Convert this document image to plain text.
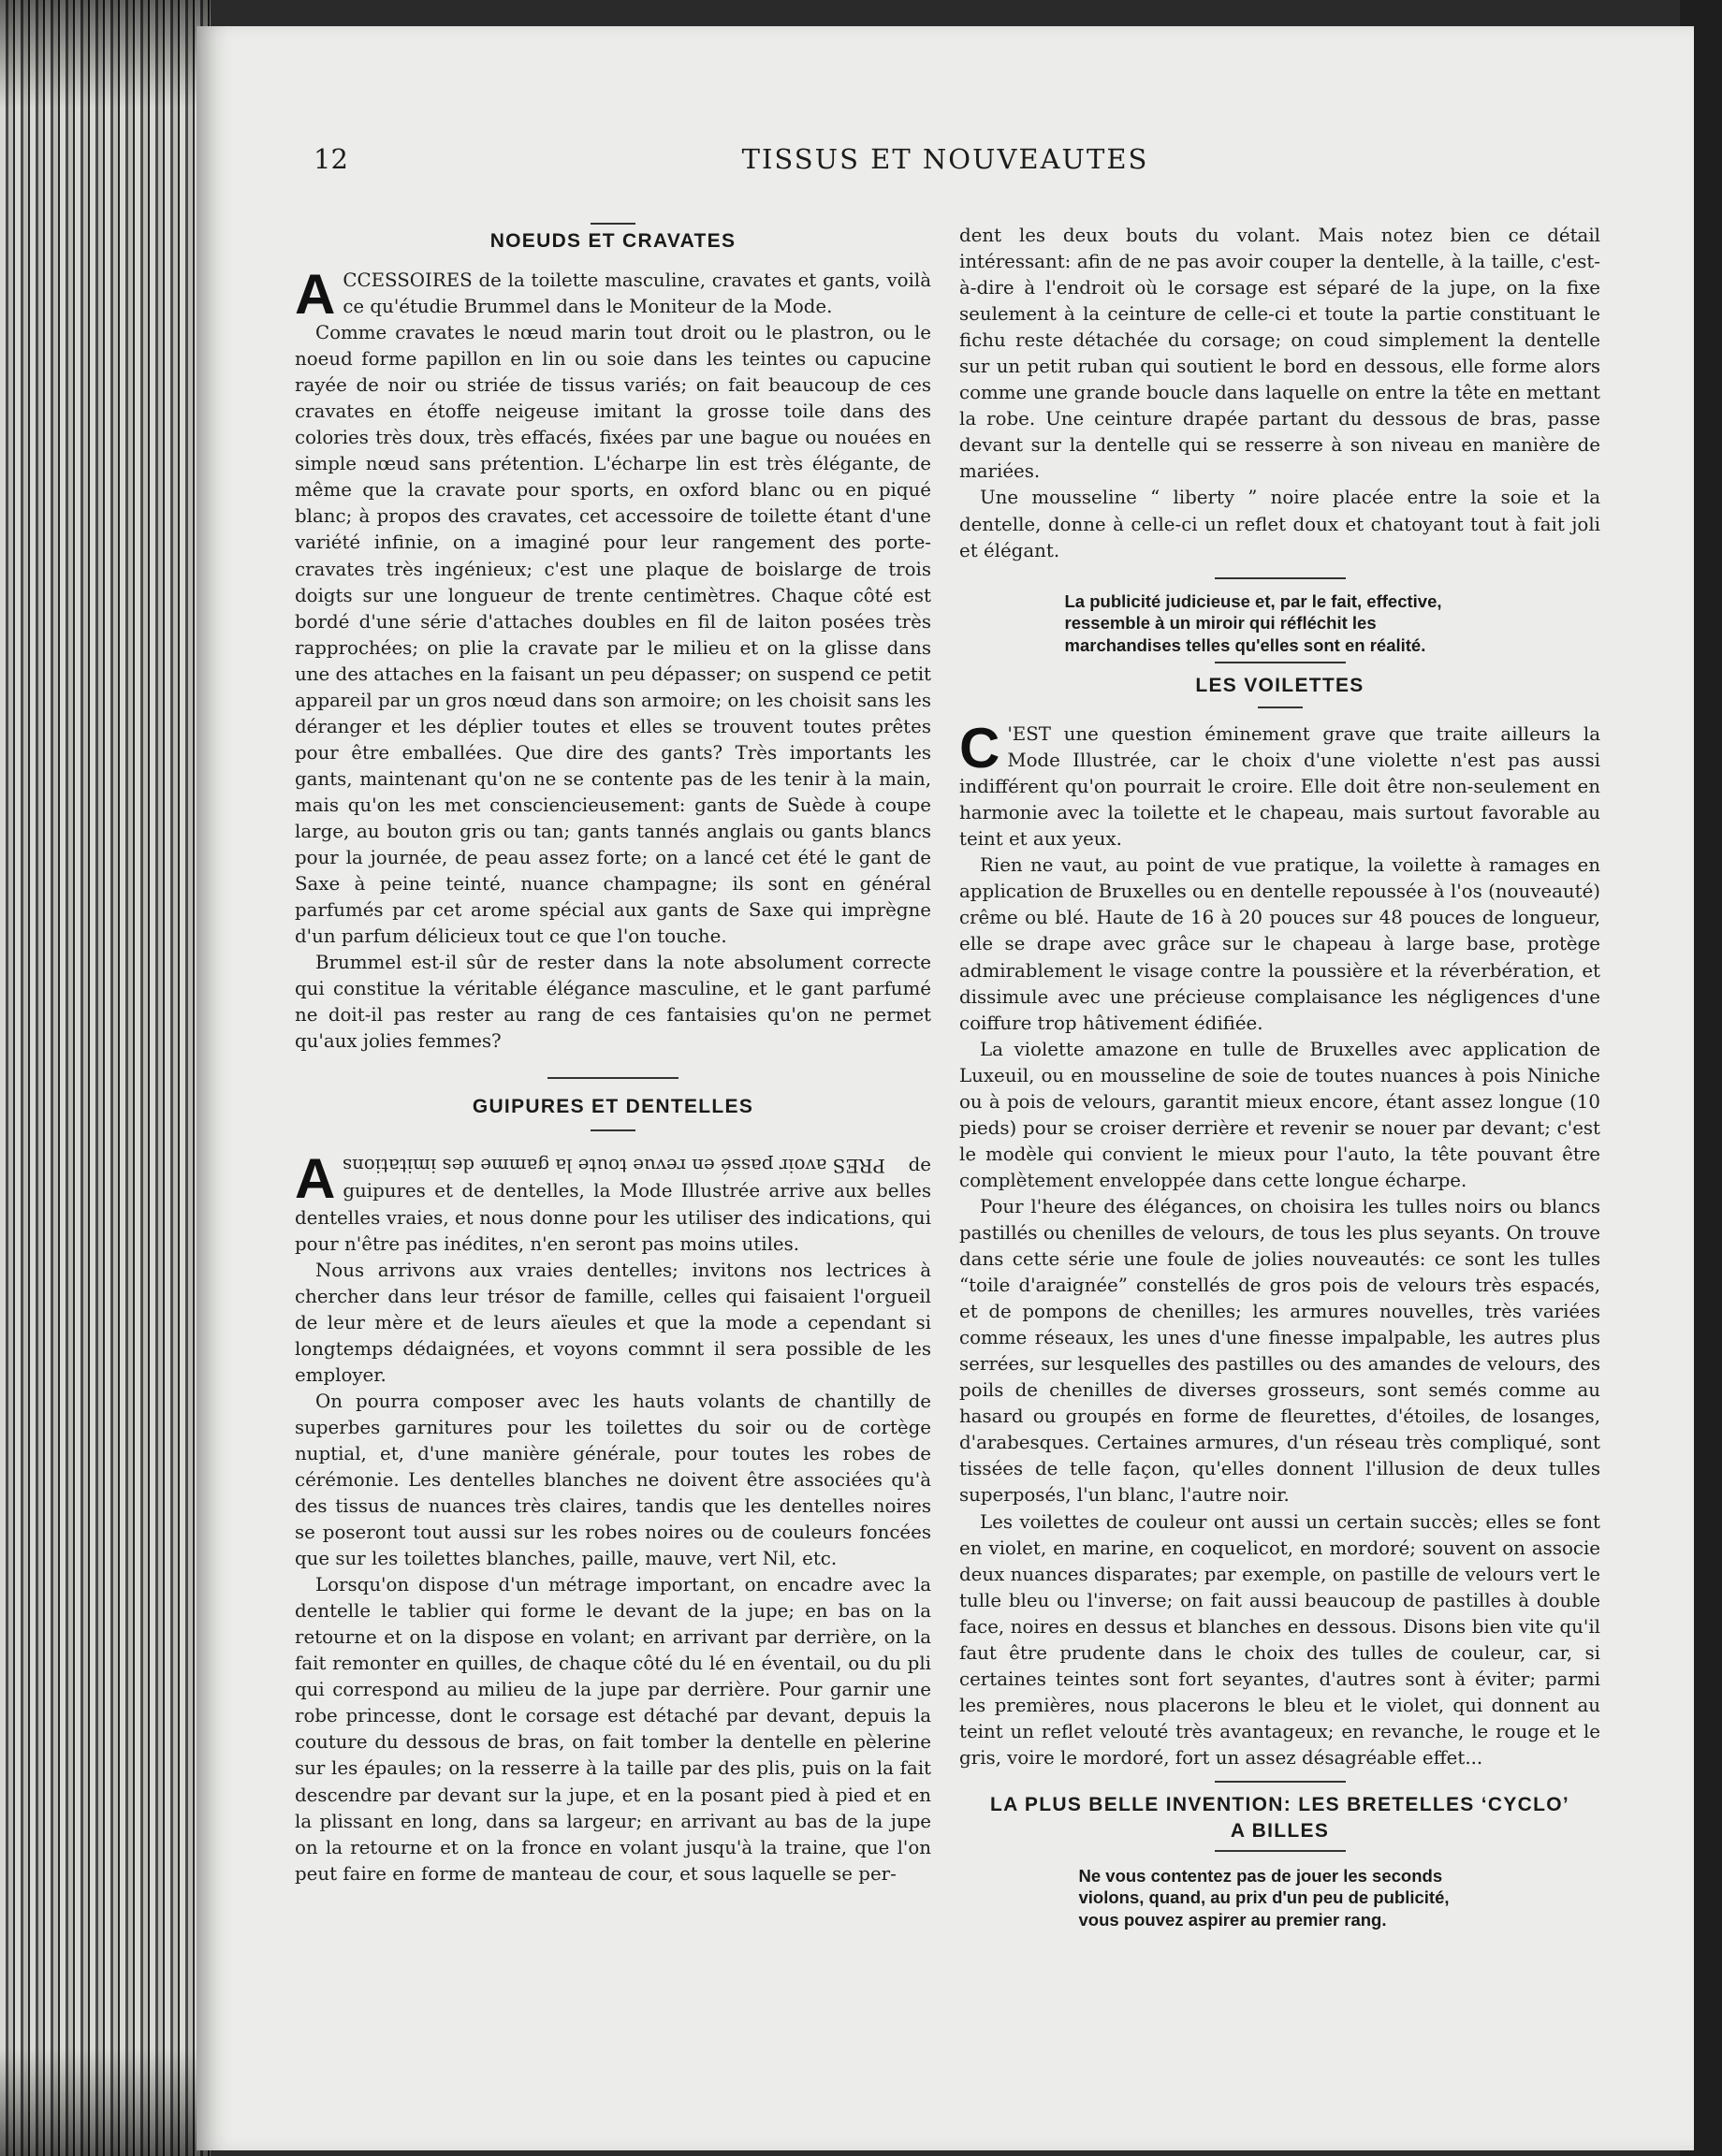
12	TISSUS ET NOUVEAUTES
NOEUDS ET CRAVATES

ACCESSOIRES de la toilette masculine, cravates et gants, voilà ce qu'étudie Brummel dans le Moniteur de la Mode.

Comme cravates le nœud marin tout droit ou le plastron, ou le noeud forme papillon en lin ou soie dans les teintes ou capucine rayée de noir ou striée de tissus variés; on fait beaucoup de ces cravates en étoffe neigeuse imitant la grosse toile dans des colories très doux, très effacés, fixées par une bague ou nouées en simple nœud sans prétention. L'écharpe lin est très élégante, de même que la cravate pour sports, en oxford blanc ou en piqué blanc; à propos des cravates, cet accessoire de toilette étant d'une variété infinie, on a imaginé pour leur rangement des porte-cravates très ingénieux; c'est une plaque de boislarge de trois doigts sur une longueur de trente centimètres. Chaque côté est bordé d'une série d'attaches doubles en fil de laiton posées très rapprochées; on plie la cravate par le milieu et on la glisse dans une des attaches en la faisant un peu dépasser; on suspend ce petit appareil par un gros nœud dans son armoire; on les choisit sans les déranger et les déplier toutes et elles se trouvent toutes prêtes pour être emballées. Que dire des gants? Très importants les gants, maintenant qu'on ne se contente pas de les tenir à la main, mais qu'on les met consciencieusement: gants de Suède à coupe large, au bouton gris ou tan; gants tannés anglais ou gants blancs pour la journée, de peau assez forte; on a lancé cet été le gant de Saxe à peine teinté, nuance champagne; ils sont en général parfumés par cet arome spécial aux gants de Saxe qui imprègne d'un parfum délicieux tout ce que l'on touche.

Brummel est-il sûr de rester dans la note absolument correcte qui constitue la véritable élégance masculine, et le gant parfumé ne doit-il pas rester au rang de ces fantaisies qu'on ne permet qu'aux jolies femmes?

GUIPURES ET DENTELLES

A PRES avoir passé en revue toute la gamme des imitations de guipures et de dentelles, la Mode Illustrée arrive aux belles dentelles vraies, et nous donne pour les utiliser des indications, qui pour n'être pas inédites, n'en seront pas moins utiles.

Nous arrivons aux vraies dentelles; invitons nos lectrices à chercher dans leur trésor de famille, celles qui faisaient l'orgueil de leur mère et de leurs aïeules et que la mode a cependant si longtemps dédaignées, et voyons commnt il sera possible de les employer.

On pourra composer avec les hauts volants de chantilly de superbes garnitures pour les toilettes du soir ou de cortège nuptial, et, d'une manière générale, pour toutes les robes de cérémonie. Les dentelles blanches ne doivent être associées qu'à des tissus de nuances très claires, tandis que les dentelles noires se poseront tout aussi sur les robes noires ou de couleurs foncées que sur les toilettes blanches, paille, mauve, vert Nil, etc.

Lorsqu'on dispose d'un métrage important, on encadre avec la dentelle le tablier qui forme le devant de la jupe; en bas on la retourne et on la dispose en volant; en arrivant par derrière, on la fait remonter en quilles, de chaque côté du lé en éventail, ou du pli qui correspond au milieu de la jupe par derrière. Pour garnir une robe princesse, dont le corsage est détaché par devant, depuis la couture du dessous de bras, on fait tomber la dentelle en pèlerine sur les épaules; on la resserre à la taille par des plis, puis on la fait descendre par devant sur la jupe, et en la posant pied à pied et en la plissant en long, dans sa largeur; en arrivant au bas de la jupe on la retourne et on la fronce en volant jusqu'à la traine, que l'on peut faire en forme de manteau de cour, et sous laquelle se per-

dent les deux bouts du volant. Mais notez bien ce détail intéressant: afin de ne pas avoir couper la dentelle, à la taille, c'est-à-dire à l'endroit où le corsage est séparé de la jupe, on la fixe seulement à la ceinture de celle-ci et toute la partie constituant le fichu reste détachée du corsage; on coud simplement la dentelle sur un petit ruban qui soutient le bord en dessous, elle forme alors comme une grande boucle dans laquelle on entre la tête en mettant la robe. Une ceinture drapée partant du dessous de bras, passe devant sur la dentelle qui se resserre à son niveau en manière de mariées.

Une mousseline “ liberty ” noire placée entre la soie et la dentelle, donne à celle-ci un reflet doux et chatoyant tout à fait joli et élégant.

La publicité judicieuse et, par le fait, effective, ressemble à un miroir qui réfléchit les marchandises telles qu'elles sont en réalité.
LES VOILETTES

C 'EST une question éminement grave que traite ailleurs la Mode Illustrée, car le choix d'une violette n'est pas aussi indifférent qu'on pourrait le croire. Elle doit être non-seulement en harmonie avec la toilette et le chapeau, mais surtout favorable au teint et aux yeux.

Rien ne vaut, au point de vue pratique, la voilette à ramages en application de Bruxelles ou en dentelle repoussée à l'os (nouveauté) crême ou blé. Haute de 16 à 20 pouces sur 48 pouces de longueur, elle se drape avec grâce sur le chapeau à large base, protège admirablement le visage contre la poussière et la réverbération, et dissimule avec une précieuse complaisance les négligences d'une coiffure trop hâtivement édifiée.

La violette amazone en tulle de Bruxelles avec application de Luxeuil, ou en mousseline de soie de toutes nuances à pois Niniche ou à pois de velours, garantit mieux encore, étant assez longue (10 pieds) pour se croiser derrière et revenir se nouer par devant; c'est le modèle qui convient le mieux pour l'auto, la tête pouvant être complètement enveloppée dans cette longue écharpe.

Pour l'heure des élégances, on choisira les tulles noirs ou blancs pastillés ou chenilles de velours, de tous les plus seyants. On trouve dans cette série une foule de jolies nouveautés: ce sont les tulles “toile d'araignée” constellés de gros pois de velours très espacés, et de pompons de chenilles; les armures nouvelles, très variées comme réseaux, les unes d'une finesse impalpable, les autres plus serrées, sur lesquelles des pastilles ou des amandes de velours, des poils de chenilles de diverses grosseurs, sont semés comme au hasard ou groupés en forme de fleurettes, d'étoiles, de losanges, d'arabesques. Certaines armures, d'un réseau très compliqué, sont tissées de telle façon, qu'elles donnent l'illusion de deux tulles superposés, l'un blanc, l'autre noir.

Les voilettes de couleur ont aussi un certain succès; elles se font en violet, en marine, en coquelicot, en mordoré; souvent on associe deux nuances disparates; par exemple, on pastille de velours vert le tulle bleu ou l'inverse; on fait aussi beaucoup de pastilles à double face, noires en dessus et blanches en dessous. Disons bien vite qu'il faut être prudente dans le choix des tulles de couleur, car, si certaines teintes sont fort seyantes, d'autres sont à éviter; parmi les premières, nous placerons le bleu et le violet, qui donnent au teint un reflet velouté très avantageux; en revanche, le rouge et le gris, voire le mordoré, fort un assez désagréable effet...

LA PLUS BELLE INVENTION: LES BRETELLES ‘CYCLO’
A BILLES
Ne vous contentez pas de jouer les seconds violons, quand, au prix d'un peu de publicité, vous pouvez aspirer au premier rang.
